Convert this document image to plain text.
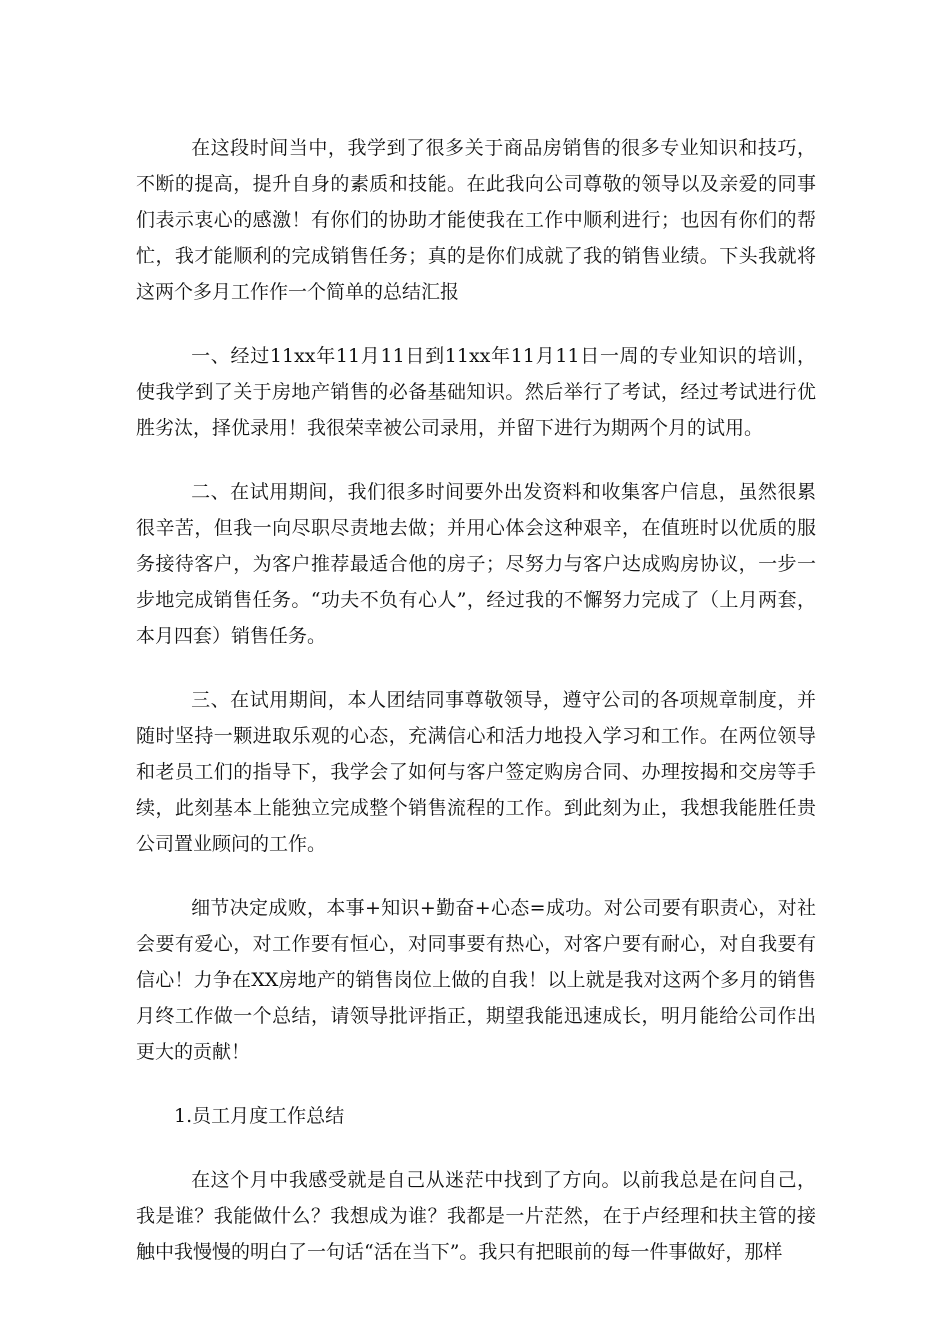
在这段时间当中，我学到了很多关于商品房销售的很多专业知识和技巧，不断的提高，提升自身的素质和技能。在此我向公司尊敬的领导以及亲爱的同事们表示衷心的感激！有你们的协助才能使我在工作中顺利进行；也因有你们的帮忙，我才能顺利的完成销售任务；真的是你们成就了我的销售业绩。下头我就将这两个多月工作作一个简单的总结汇报

一、经过11xx年11月11日到11xx年11月11日一周的专业知识的培训，使我学到了关于房地产销售的必备基础知识。然后举行了考试，经过考试进行优胜劣汰，择优录用！我很荣幸被公司录用，并留下进行为期两个月的试用。

二、在试用期间，我们很多时间要外出发资料和收集客户信息，虽然很累很辛苦，但我一向尽职尽责地去做；并用心体会这种艰辛，在值班时以优质的服务接待客户，为客户推荐最适合他的房子；尽努力与客户达成购房协议，一步一步地完成销售任务。“功夫不负有心人”，经过我的不懈努力完成了（上月两套，本月四套）销售任务。

三、在试用期间，本人团结同事尊敬领导，遵守公司的各项规章制度，并随时坚持一颗进取乐观的心态，充满信心和活力地投入学习和工作。在两位领导和老员工们的指导下，我学会了如何与客户签定购房合同、办理按揭和交房等手续，此刻基本上能独立完成整个销售流程的工作。到此刻为止，我想我能胜任贵公司置业顾问的工作。

细节决定成败，本事+知识+勤奋+心态=成功。对公司要有职责心，对社会要有爱心，对工作要有恒心，对同事要有热心，对客户要有耐心，对自我要有信心！力争在XX房地产的销售岗位上做的自我！以上就是我对这两个多月的销售月终工作做一个总结，请领导批评指正，期望我能迅速成长，明月能给公司作出更大的贡献！

1.员工月度工作总结

在这个月中我感受就是自己从迷茫中找到了方向。以前我总是在问自己，我是谁？我能做什么？我想成为谁？我都是一片茫然，在于卢经理和扶主管的接触中我慢慢的明白了一句话“活在当下”。我只有把眼前的每一件事做好，那样
